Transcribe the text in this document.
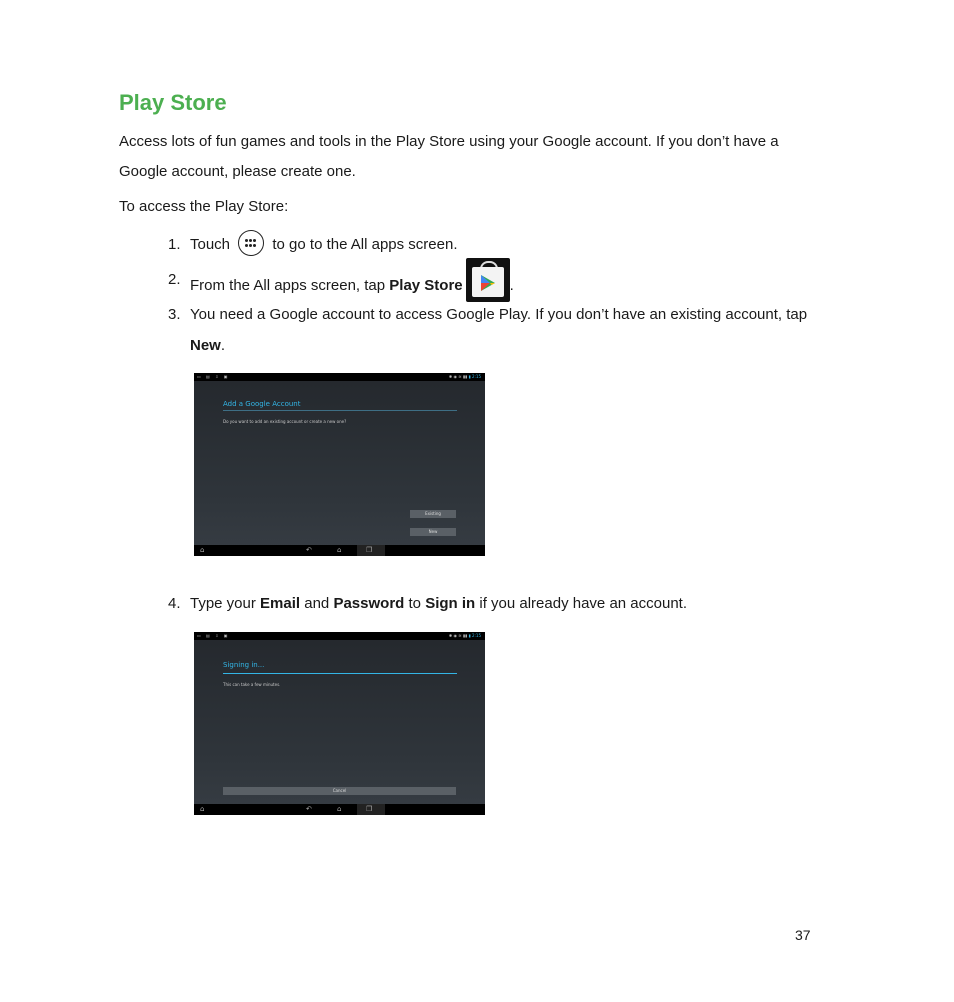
Play Store

Access lots of fun games and tools in the Play Store using your Google account. If you don’t have a Google account, please create one.

To access the Play Store:

1. Touch	to go to the All apps screen.
2. From the All apps screen, tap Play Store	.
3. You need a Google account to access Google Play. If you don’t have an existing account, tap New.
▭ ▤ ⇩ ▣	✱ ◉ ≋ ▮▮ ▮ 2:15
Add a Google Account
Do you want to add an existing account or create a new one?
Existing
New
⌂	↶	⌂	❐
4. Type your Email and Password to Sign in if you already have an account.
▭ ▤ ⇩ ▣	✱ ◉ ≋ ▮▮ ▮ 2:15
Signing in...
This can take a few minutes.
Cancel
⌂	↶	⌂	❐
37
